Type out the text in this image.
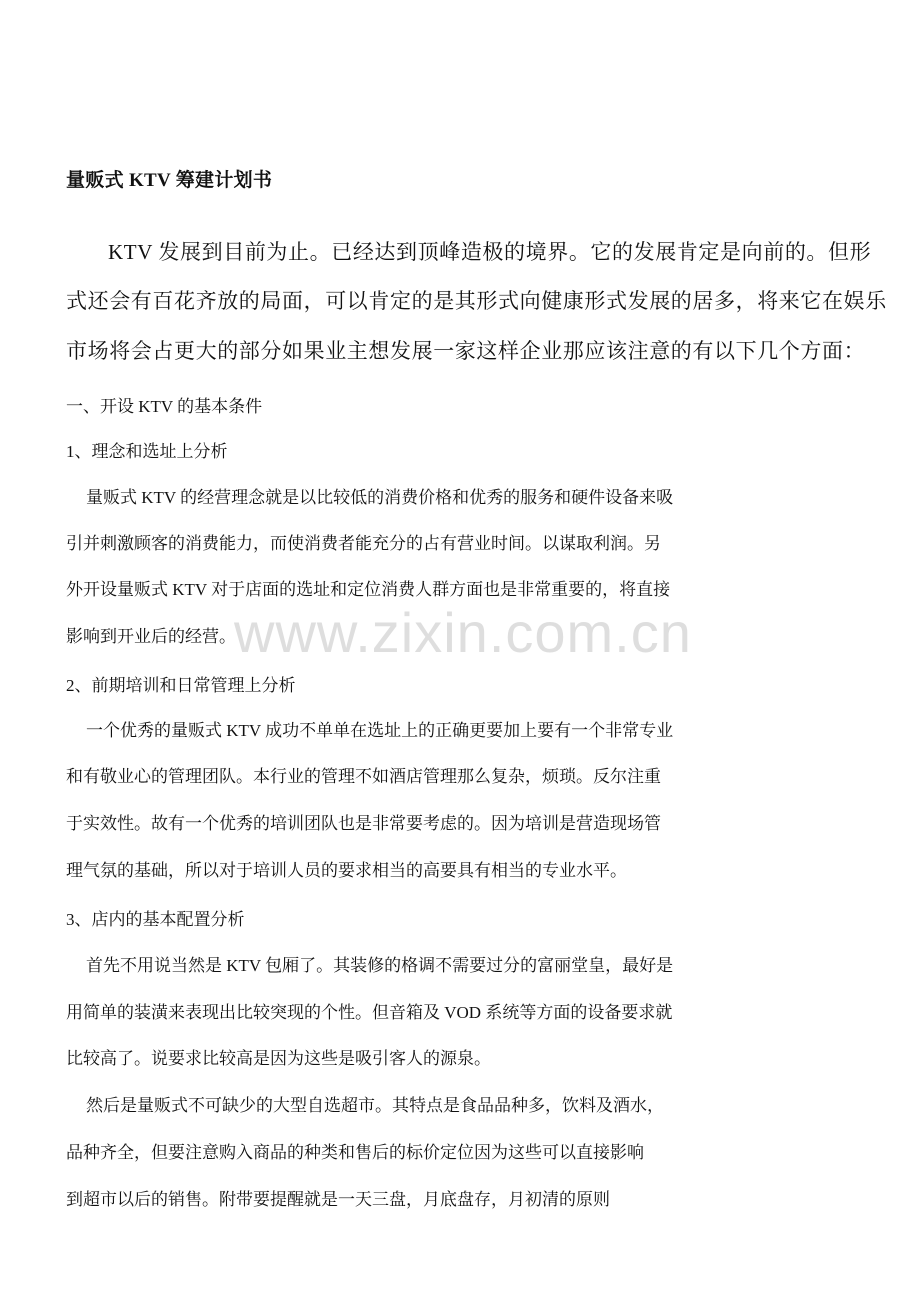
量贩式 KTV 筹建计划书
KTV 发展到目前为止。已经达到顶峰造极的境界。它的发展肯定是向前的。但形
式还会有百花齐放的局面，可以肯定的是其形式向健康形式发展的居多，将来它在娱乐
市场将会占更大的部分如果业主想发展一家这样企业那应该注意的有以下几个方面：
一、开设 KTV 的基本条件
1、理念和选址上分析
量贩式 KTV 的经营理念就是以比较低的消费价格和优秀的服务和硬件设备来吸
引并刺激顾客的消费能力，而使消费者能充分的占有营业时间。以谋取利润。另
外开设量贩式 KTV 对于店面的选址和定位消费人群方面也是非常重要的，将直接
影响到开业后的经营。
2、前期培训和日常管理上分析
一个优秀的量贩式 KTV 成功不单单在选址上的正确更要加上要有一个非常专业
和有敬业心的管理团队。本行业的管理不如酒店管理那么复杂，烦琐。反尔注重
于实效性。故有一个优秀的培训团队也是非常要考虑的。因为培训是营造现场管
理气氛的基础，所以对于培训人员的要求相当的高要具有相当的专业水平。
3、店内的基本配置分析
首先不用说当然是 KTV 包厢了。其装修的格调不需要过分的富丽堂皇，最好是
用简单的装潢来表现出比较突现的个性。但音箱及 VOD 系统等方面的设备要求就
比较高了。说要求比较高是因为这些是吸引客人的源泉。
然后是量贩式不可缺少的大型自选超市。其特点是食品品种多，饮料及酒水，
品种齐全，但要注意购入商品的种类和售后的标价定位因为这些可以直接影响
到超市以后的销售。附带要提醒就是一天三盘，月底盘存，月初清的原则
www.zixin.com.cn
